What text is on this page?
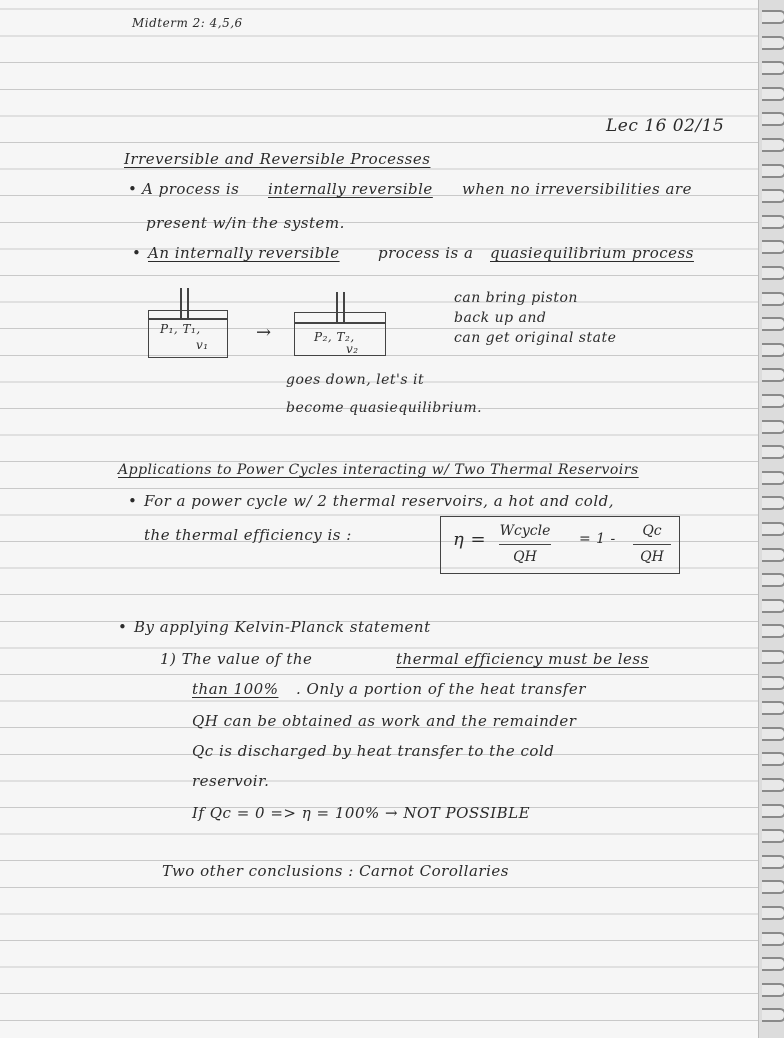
Midterm 2: 4,5,6
Lec 16 02/15
Irreversible and Reversible Processes
• A process is internally reversible when no irreversibilities are
present w/in the system.
• An internally reversible	process is a quasiequilibrium process
P₁, T₁,
v₁
→	P₂, T₂,
v₂
can bring piston
back up and
can get original state
goes down, let's it
become quasiequilibrium.
Applications to Power Cycles interacting w/ Two Thermal Reservoirs
• For a power cycle w/ 2 thermal reservoirs, a hot and cold,
the thermal efficiency is :	η = Wcycle
QH
= 1 -	Qc
QH
• By applying Kelvin-Planck statement
1) The value of the	thermal efficiency must be less
than 100% . Only a portion of the heat transfer
QH can be obtained as work and the remainder
Qc is discharged by heat transfer to the cold
reservoir.
If Qc = 0 => η = 100% → NOT POSSIBLE
Two other conclusions : Carnot Corollaries
